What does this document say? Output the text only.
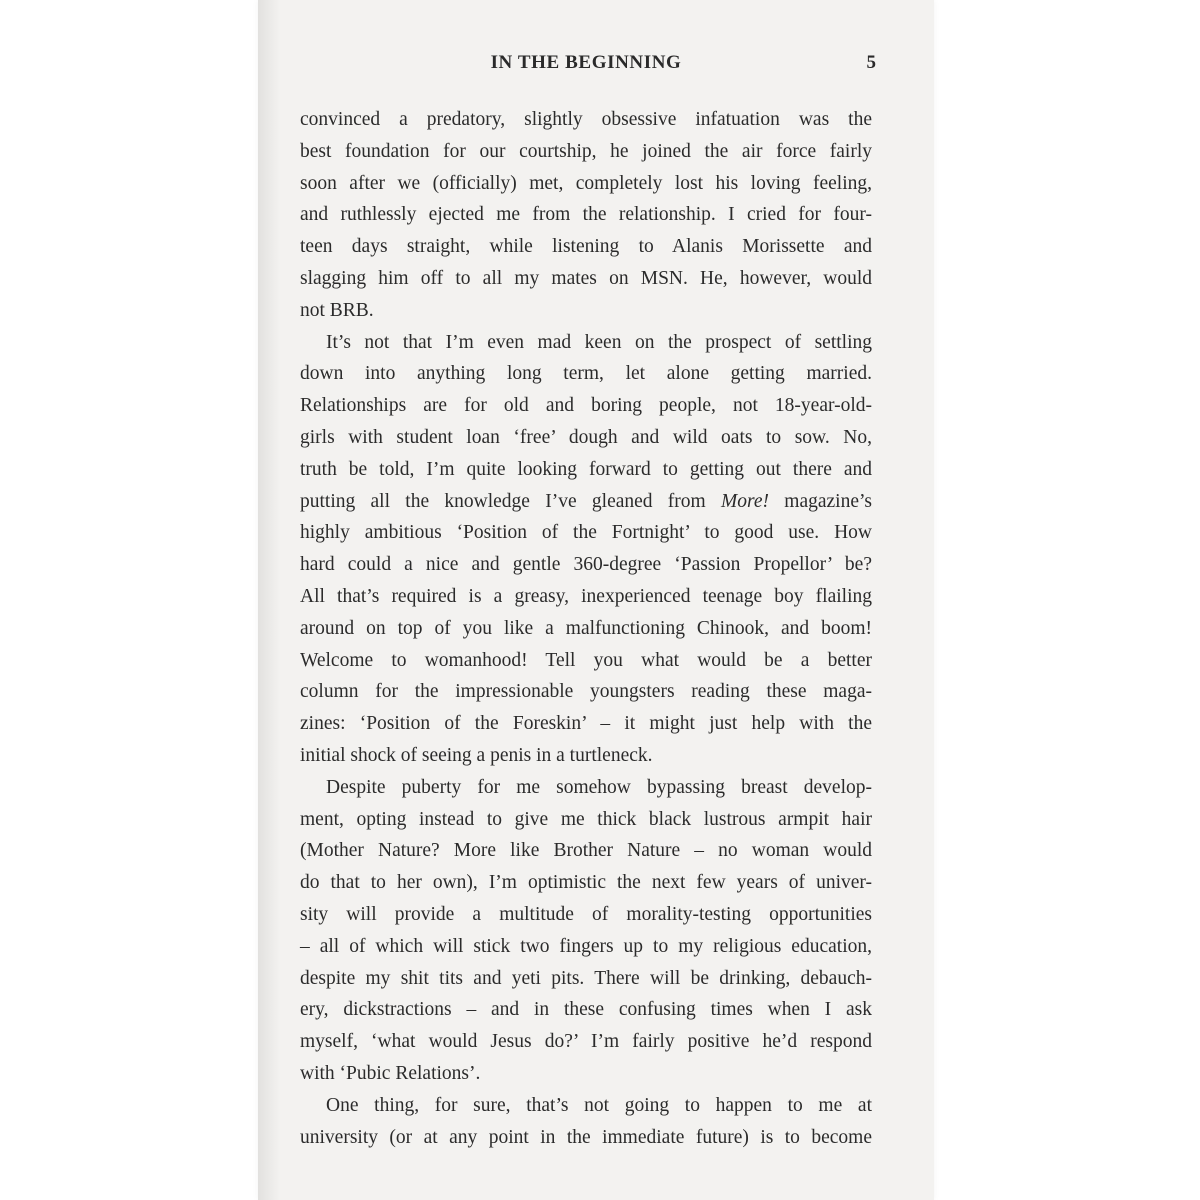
IN THE BEGINNING	5
convinced a predatory, slightly obsessive infatuation was the
best foundation for our courtship, he joined the air force fairly
soon after we (officially) met, completely lost his loving feeling,
and ruthlessly ejected me from the relationship. I cried for four-
teen days straight, while listening to Alanis Morissette and
slagging him off to all my mates on MSN. He, however, would
not BRB.
It’s not that I’m even mad keen on the prospect of settling
down into anything long term, let alone getting married.
Relationships are for old and boring people, not 18-year-old-
girls with student loan ‘free’ dough and wild oats to sow. No,
truth be told, I’m quite looking forward to getting out there and
putting all the knowledge I’ve gleaned from More! magazine’s
highly ambitious ‘Position of the Fortnight’ to good use. How
hard could a nice and gentle 360-degree ‘Passion Propellor’ be?
All that’s required is a greasy, inexperienced teenage boy flailing
around on top of you like a malfunctioning Chinook, and boom!
Welcome to womanhood! Tell you what would be a better
column for the impressionable youngsters reading these maga-
zines: ‘Position of the Foreskin’ – it might just help with the
initial shock of seeing a penis in a turtleneck.
Despite puberty for me somehow bypassing breast develop-
ment, opting instead to give me thick black lustrous armpit hair
(Mother Nature? More like Brother Nature – no woman would
do that to her own), I’m optimistic the next few years of univer-
sity will provide a multitude of morality-testing opportunities
– all of which will stick two fingers up to my religious education,
despite my shit tits and yeti pits. There will be drinking, debauch-
ery, dickstractions – and in these confusing times when I ask
myself, ‘what would Jesus do?’ I’m fairly positive he’d respond
with ‘Pubic Relations’.
One thing, for sure, that’s not going to happen to me at
university (or at any point in the immediate future) is to become
